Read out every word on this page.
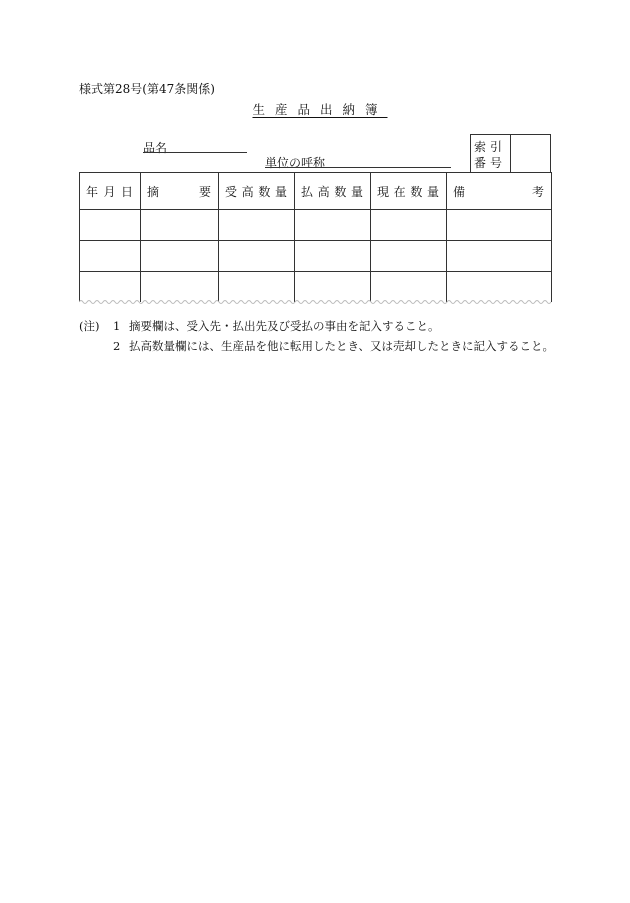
様式第28号(第47条関係)
生産品出納簿
品名
単位の呼称
索引
番号
年 月 日	摘 要	受 高 数 量	払 高 数 量	現 在 数 量	備 考

(注)	1 摘要欄は、受入先・払出先及び受払の事由を記入すること。
2 払高数量欄には、生産品を他に転用したとき、又は売却したときに記入すること。
